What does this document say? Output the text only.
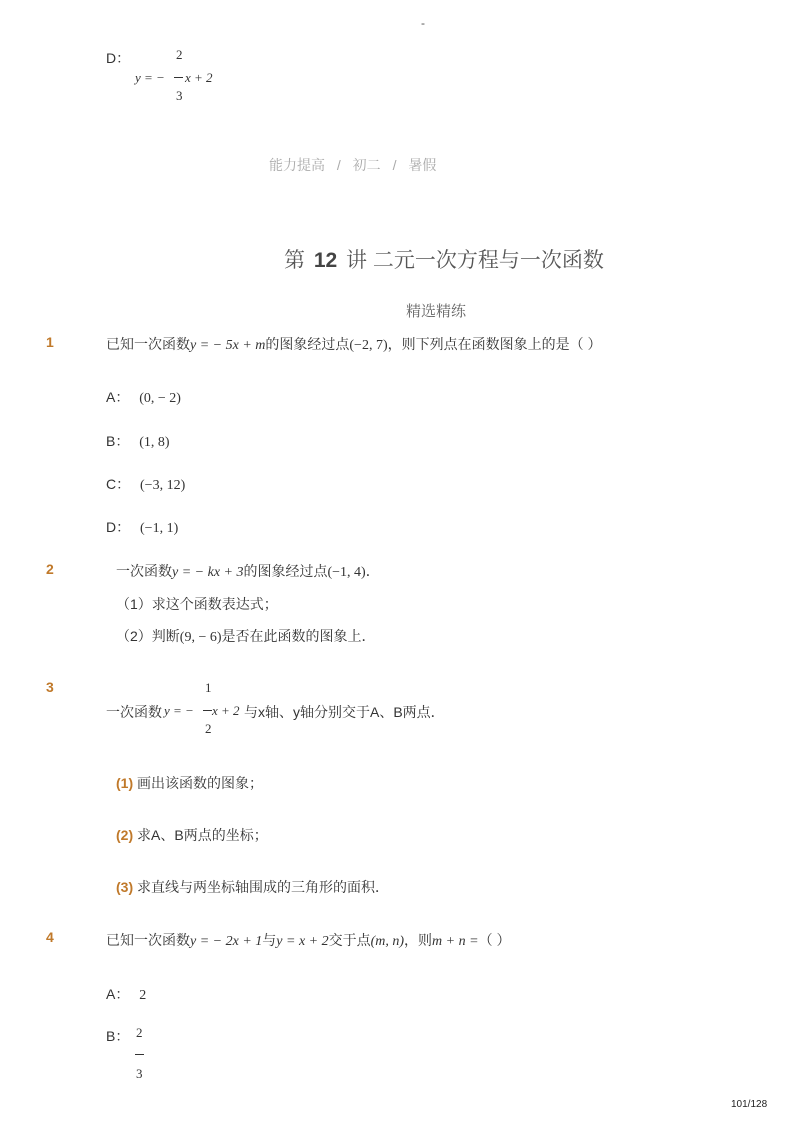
-
D：
y = −
2
3
x + 2
能力提高 / 初二 / 暑假
第 12 讲 二元一次方程与一次函数
精选精练
1	已知一次函数y = − 5x + m的图象经过点(−2, 7)，则下列点在函数图象上的是（ ）
A： (0, − 2)
B： (1, 8)
C： (−3, 12)
D： (−1, 1)
2	一次函数y = − kx + 3的图象经过点(−1, 4)．
（1）求这个函数表达式；
（2）判断(9, − 6)是否在此函数的图象上．
3
一次函数 y = −
1
2
x + 2 与x轴、y轴分别交于A、B两点．
(1) 画出该函数的图象；
(2) 求A、B两点的坐标；
(3) 求直线与两坐标轴围成的三角形的面积．
4	已知一次函数y = − 2x + 1与y = x + 2交于点(m, n)，则m + n =（ ）
A： 2
B： 2
3
101/128
